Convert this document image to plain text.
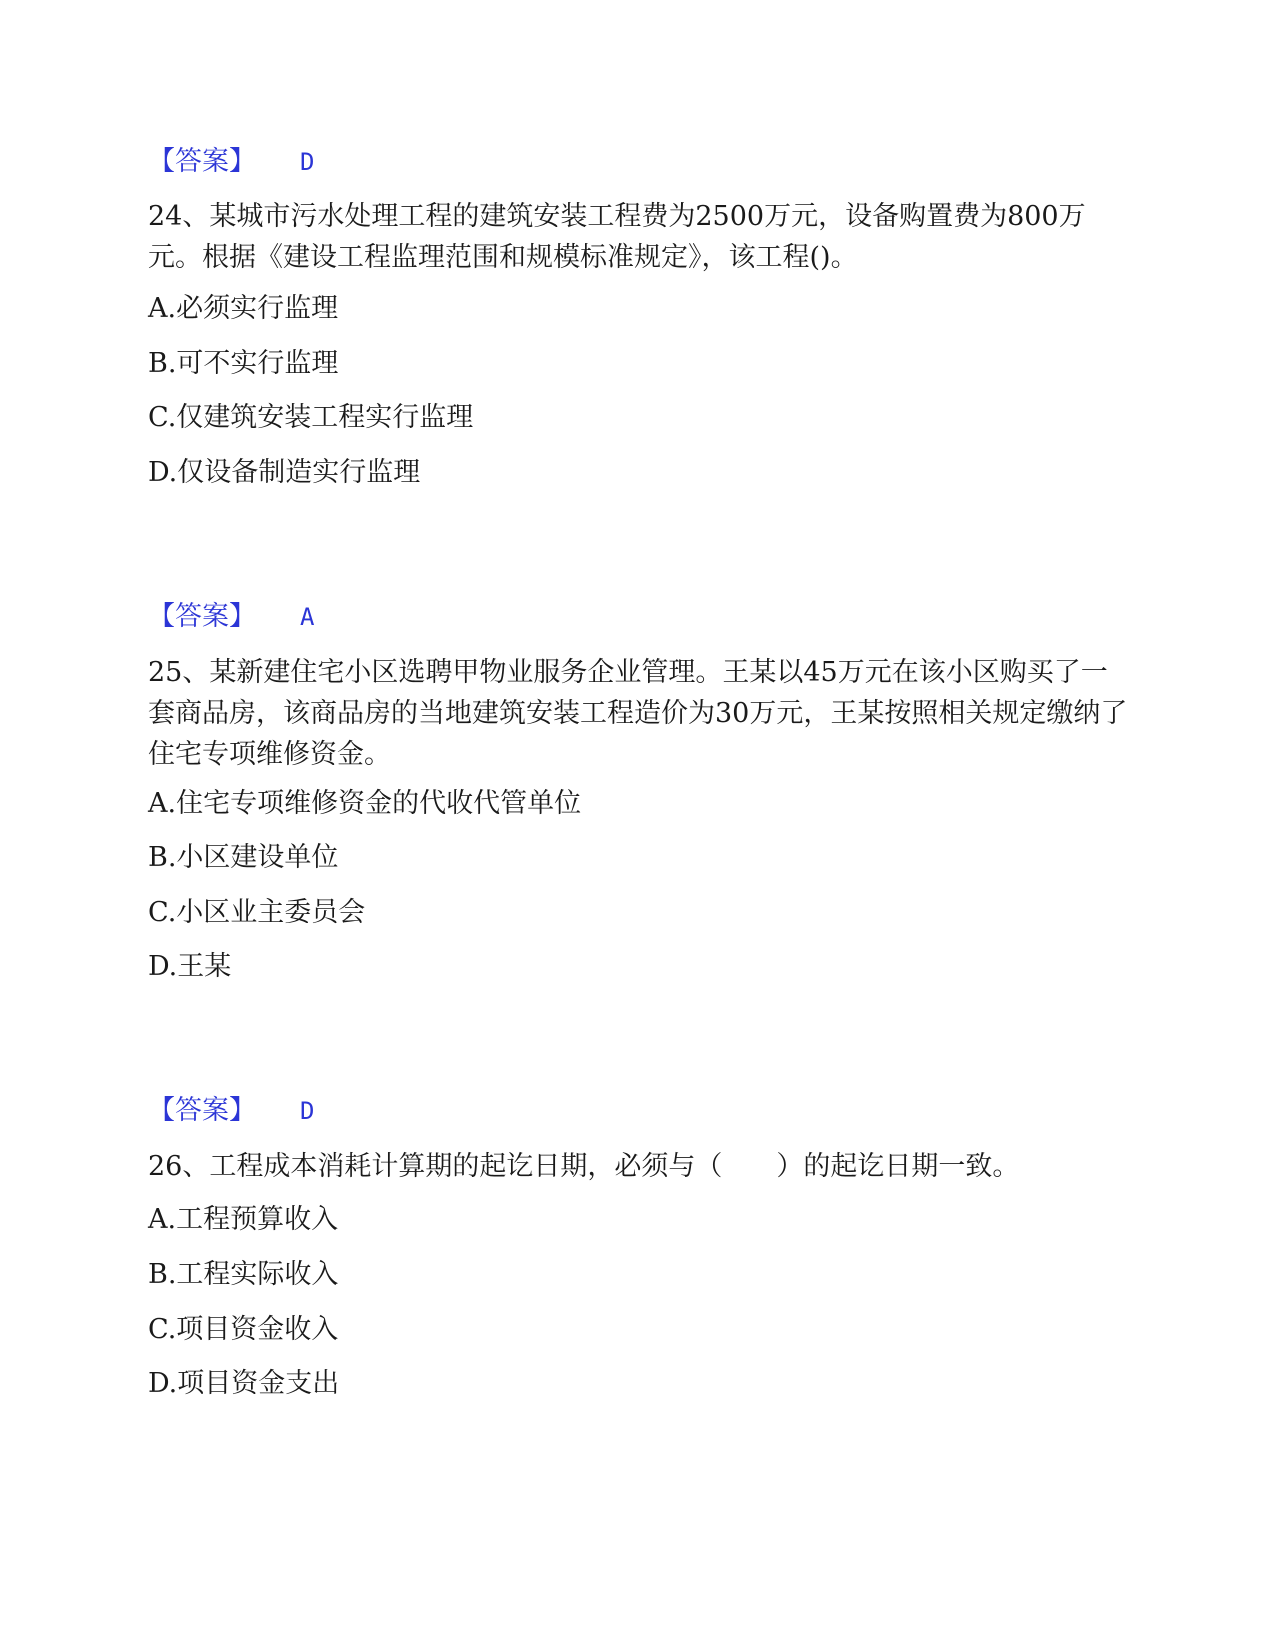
【答案】 D
24、某城市污水处理工程的建筑安装工程费为2500万元，设备购置费为800万元。根据《建设工程监理范围和规模标准规定》，该工程()。
A.必须实行监理
B.可不实行监理
C.仅建筑安装工程实行监理
D.仅设备制造实行监理
【答案】 A
25、某新建住宅小区选聘甲物业服务企业管理。王某以45万元在该小区购买了一套商品房，该商品房的当地建筑安装工程造价为30万元，王某按照相关规定缴纳了住宅专项维修资金。
A.住宅专项维修资金的代收代管单位
B.小区建设单位
C.小区业主委员会
D.王某
【答案】 D
26、工程成本消耗计算期的起讫日期，必须与（　　）的起讫日期一致。
A.工程预算收入
B.工程实际收入
C.项目资金收入
D.项目资金支出
